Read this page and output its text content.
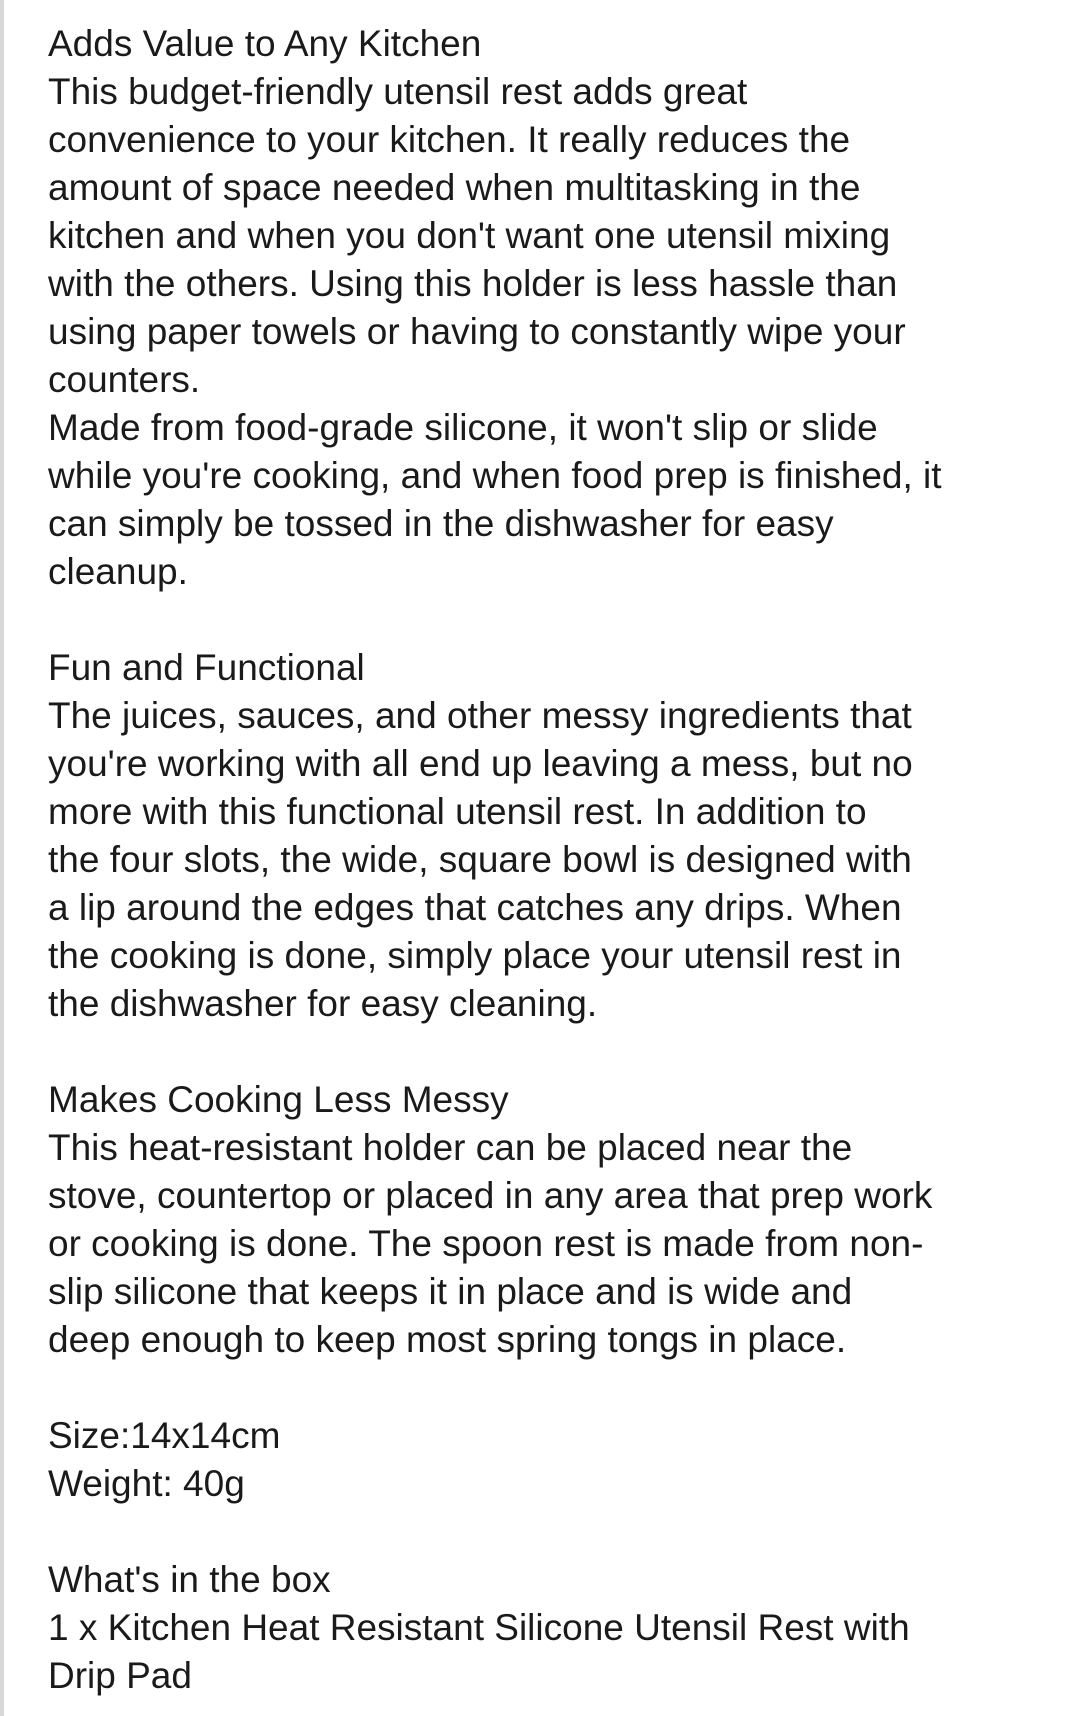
Adds Value to Any Kitchen
This budget-friendly utensil rest adds great
convenience to your kitchen. It really reduces the
amount of space needed when multitasking in the
kitchen and when you don't want one utensil mixing
with the others. Using this holder is less hassle than
using paper towels or having to constantly wipe your
counters.
Made from food-grade silicone, it won't slip or slide
while you're cooking, and when food prep is finished, it
can simply be tossed in the dishwasher for easy
cleanup.
Fun and Functional
The juices, sauces, and other messy ingredients that
you're working with all end up leaving a mess, but no
more with this functional utensil rest. In addition to
the four slots, the wide, square bowl is designed with
a lip around the edges that catches any drips. When
the cooking is done, simply place your utensil rest in
the dishwasher for easy cleaning.
Makes Cooking Less Messy
This heat-resistant holder can be placed near the
stove, countertop or placed in any area that prep work
or cooking is done. The spoon rest is made from non-
slip silicone that keeps it in place and is wide and
deep enough to keep most spring tongs in place.
Size:14x14cm
Weight: 40g
What's in the box
1 x Kitchen Heat Resistant Silicone Utensil Rest with
Drip Pad
